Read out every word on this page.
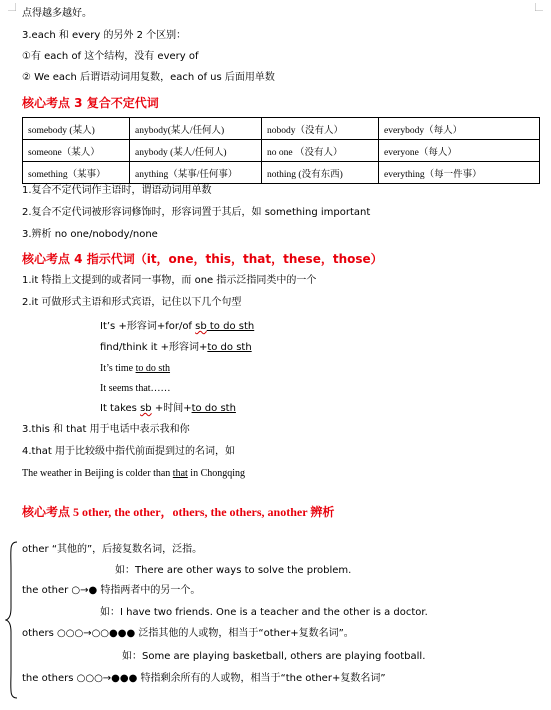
点得越多越好。
3.each 和 every 的另外 2 个区别：
①有 each of 这个结构，没有 every of
② We each 后谓语动词用复数，each of us 后面用单数
核心考点 3 复合不定代词
somebody (某人)	anybody(某人/任何人)	nobody（没有人）	everybody（每人）
someone（某人）	anybody (某人/任何人)	no one （没有人）	everyone（每人）
something（某事）	anything（某事/任何事）	nothing (没有东西)	everything（每一件事）
1.复合不定代词作主语时，谓语动词用单数
2.复合不定代词被形容词修饰时，形容词置于其后，如 something important
3.辨析 no one/nobody/none
核心考点 4 指示代词（it，one，this，that，these，those）
1.it 特指上文提到的或者同一事物，而 one 指示泛指同类中的一个
2.it 可做形式主语和形式宾语，记住以下几个句型
It’s +形容词+for/of sb to do sth
find/think it +形容词+to do sth
It’s time to do sth
It seems that……
It takes sb +时间+to do sth
3.this 和 that 用于电话中表示我和你
4.that 用于比较级中指代前面提到过的名词，如
The weather in Beijing is colder than that in Chongqing
核心考点 5 other, the other，others, the others, another 辨析
other “其他的”，后接复数名词，泛指。
如：There are other ways to solve the problem.
the other ○→● 特指两者中的另一个。
如：I have two friends. One is a teacher and the other is a doctor.
others ○○○→○○●●● 泛指其他的人或物，相当于“other+复数名词”。
如：Some are playing basketball, others are playing football.
the others ○○○→●●● 特指剩余所有的人或物，相当于“the other+复数名词”
